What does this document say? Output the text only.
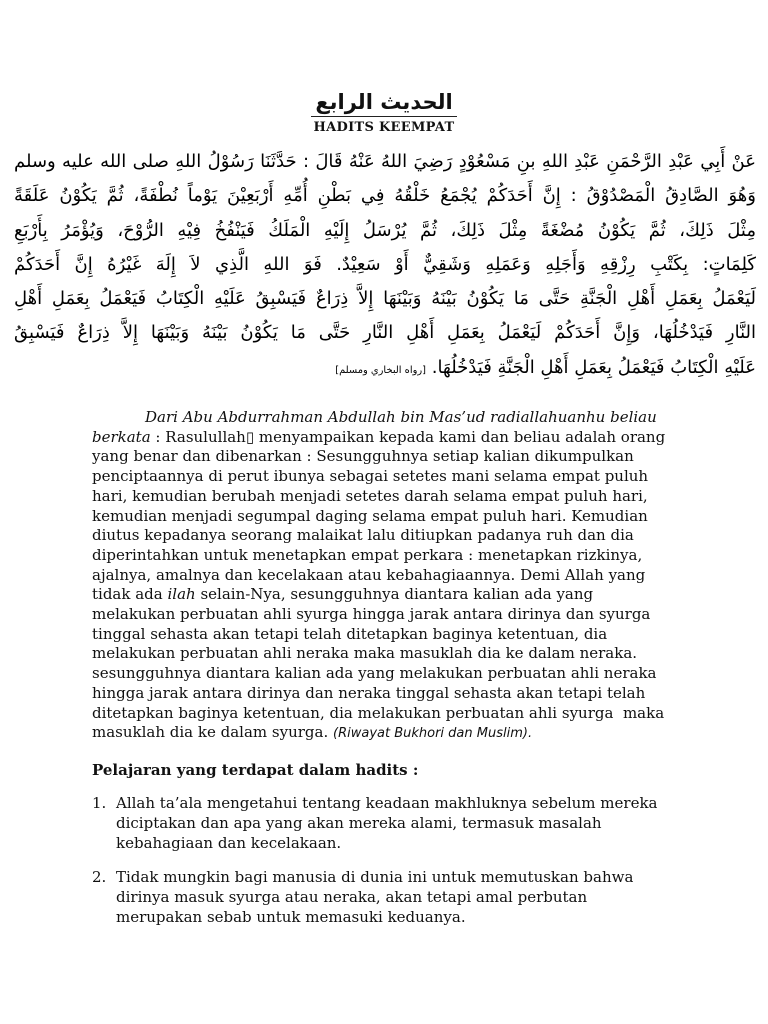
الحديث الرابع
HADITS KEEMPAT
عَنْ أَبِي عَبْدِ الرَّحْمَنِ عَبْدِ اللهِ بنِ مَسْعُوْدٍ رَضِيَ اللهُ عَنْهُ قَالَ : حَدَّثَنَا رَسُوْلُ اللهِ صلى الله عليه وسلم
وَهُوَ الصَّادِقُ الْمَصْدُوْقُ : إِنَّ أَحَدَكُمْ يُجْمَعُ خَلْقُهُ فِي بَطْنِ أُمِّهِ أَرْبَعِيْنَ يَوْماً نُطْفَةً، ثُمَّ يَكُوْنُ عَلَقَةً
مِثْلَ ذَلِكَ، ثُمَّ يَكُوْنُ مُضْغَةً مِثْلَ ذَلِكَ، ثُمَّ يُرْسَلُ إِلَيْهِ الْمَلَكُ فَيَنْفُخُ فِيْهِ الرُّوْحَ، وَيُؤْمَرُ بِأَرْبَعِ
كَلِمَاتٍ: بِكَتْبِ رِزْقِهِ وَأَجَلِهِ وَعَمَلِهِ وَشَقِيٌّ أَوْ سَعِيْدٌ. فَوَ اللهِ الَّذِي لاَ إِلَهَ غَيْرُهُ إِنَّ أَحَدَكُمْ
لَيَعْمَلُ بِعَمَلِ أَهْلِ الْجَنَّةِ حَتَّى مَا يَكُوْنُ بَيْنَهُ وَبَيْنَهَا إِلاَّ ذِرَاعٌ فَيَسْبِقُ عَلَيْهِ الْكِتَابُ فَيَعْمَلُ بِعَمَلِ أَهْلِ
النَّارِ فَيَدْخُلُهَا، وَإِنَّ أَحَدَكُمْ لَيَعْمَلُ بِعَمَلِ أَهْلِ النَّارِ حَتَّى مَا يَكُوْنُ بَيْنَهُ وَبَيْنَهَا إِلاَّ ذِرَاعٌ فَيَسْبِقُ
عَلَيْهِ الْكِتَابُ فَيَعْمَلُ بِعَمَلِ أَهْلِ الْجَنَّةِ فَيَدْخُلُهَا. [رواه البخاري ومسلم]
Dari Abu Abdurrahman Abdullah bin Mas’ud radiallahuanhu beliau
berkata : Rasulullah▯ menyampaikan kepada kami dan beliau adalah orang
yang benar dan dibenarkan : Sesungguhnya setiap kalian dikumpulkan
penciptaannya di perut ibunya sebagai setetes mani selama empat puluh
hari, kemudian berubah menjadi setetes darah selama empat puluh hari,
kemudian menjadi segumpal daging selama empat puluh hari. Kemudian
diutus kepadanya seorang malaikat lalu ditiupkan padanya ruh dan dia
diperintahkan untuk menetapkan empat perkara : menetapkan rizkinya,
ajalnya, amalnya dan kecelakaan atau kebahagiaannya. Demi Allah yang
tidak ada ilah selain-Nya, sesungguhnya diantara kalian ada yang
melakukan perbuatan ahli syurga hingga jarak antara dirinya dan syurga
tinggal sehasta akan tetapi telah ditetapkan baginya ketentuan, dia
melakukan perbuatan ahli neraka maka masuklah dia ke dalam neraka.
sesungguhnya diantara kalian ada yang melakukan perbuatan ahli neraka
hingga jarak antara dirinya dan neraka tinggal sehasta akan tetapi telah
ditetapkan baginya ketentuan, dia melakukan perbuatan ahli syurga  maka
masuklah dia ke dalam syurga. (Riwayat Bukhori dan Muslim).
Pelajaran yang terdapat dalam hadits :
1. Allah ta’ala mengetahui tentang keadaan makhluknya sebelum mereka
diciptakan dan apa yang akan mereka alami, termasuk masalah
kebahagiaan dan kecelakaan.
2. Tidak mungkin bagi manusia di dunia ini untuk memutuskan bahwa
dirinya masuk syurga atau neraka, akan tetapi amal perbutan
merupakan sebab untuk memasuki keduanya.
